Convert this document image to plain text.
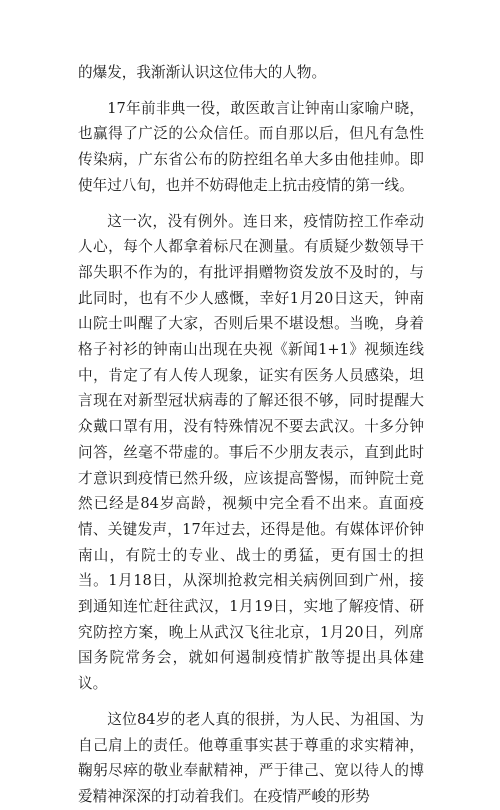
的爆发，我渐渐认识这位伟大的人物。

17年前非典一役，敢医敢言让钟南山家喻户晓，也赢得了广泛的公众信任。而自那以后，但凡有急性传染病，广东省公布的防控组名单大多由他挂帅。即使年过八旬，也并不妨碍他走上抗击疫情的第一线。

这一次，没有例外。连日来，疫情防控工作牵动人心，每个人都拿着标尺在测量。有质疑少数领导干部失职不作为的，有批评捐赠物资发放不及时的，与此同时，也有不少人感慨，幸好1月20日这天，钟南山院士叫醒了大家，否则后果不堪设想。当晚，身着格子衬衫的钟南山出现在央视《新闻1+1》视频连线中，肯定了有人传人现象，证实有医务人员感染，坦言现在对新型冠状病毒的了解还很不够，同时提醒大众戴口罩有用，没有特殊情况不要去武汉。十多分钟问答，丝毫不带虚的。事后不少朋友表示，直到此时才意识到疫情已然升级，应该提高警惕，而钟院士竟然已经是84岁高龄，视频中完全看不出来。直面疫情、关键发声，17年过去，还得是他。有媒体评价钟南山，有院士的专业、战士的勇猛，更有国士的担当。1月18日，从深圳抢救完相关病例回到广州，接到通知连忙赶往武汉，1月19日，实地了解疫情、研究防控方案，晚上从武汉飞往北京，1月20日，列席国务院常务会，就如何遏制疫情扩散等提出具体建议。

这位84岁的老人真的很拼，为人民、为祖国、为自己肩上的责任。他尊重事实甚于尊重的求实精神，鞠躬尽瘁的敬业奉献精神，严于律己、宽以待人的博爱精神深深的打动着我们。在疫情严峻的形势
